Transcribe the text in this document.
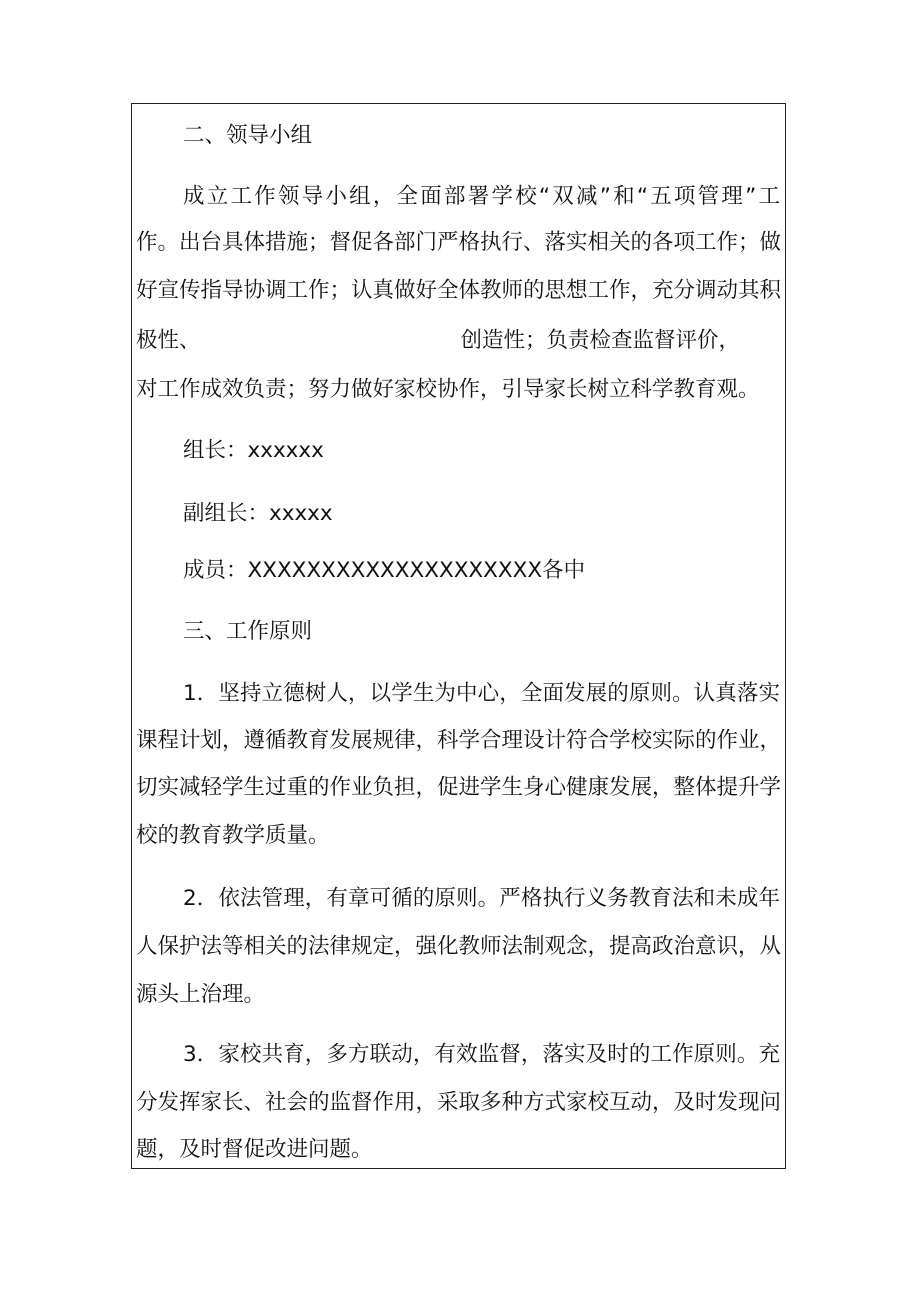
二、领导小组

成立工作领导小组，全面部署学校“双减”和“五项管理”工

作。出台具体措施；督促各部门严格执行、落实相关的各项工作；做

好宣传指导协调工作；认真做好全体教师的思想工作，充分调动其积

极性、	创造性；负责检查监督评价，

对工作成效负责；努力做好家校协作，引导家长树立科学教育观。

组长：xxxxxx

副组长：xxxxx

成员：XXXXXXXXXXXXXXXXXXXX各中

三、工作原则

1．坚持立德树人，以学生为中心，全面发展的原则。认真落实

课程计划，遵循教育发展规律，科学合理设计符合学校实际的作业，

切实减轻学生过重的作业负担，促进学生身心健康发展，整体提升学

校的教育教学质量。

2．依法管理，有章可循的原则。严格执行义务教育法和未成年

人保护法等相关的法律规定，强化教师法制观念，提高政治意识，从

源头上治理。

3．家校共育，多方联动，有效监督，落实及时的工作原则。充

分发挥家长、社会的监督作用，采取多种方式家校互动，及时发现问

题，及时督促改进问题。
